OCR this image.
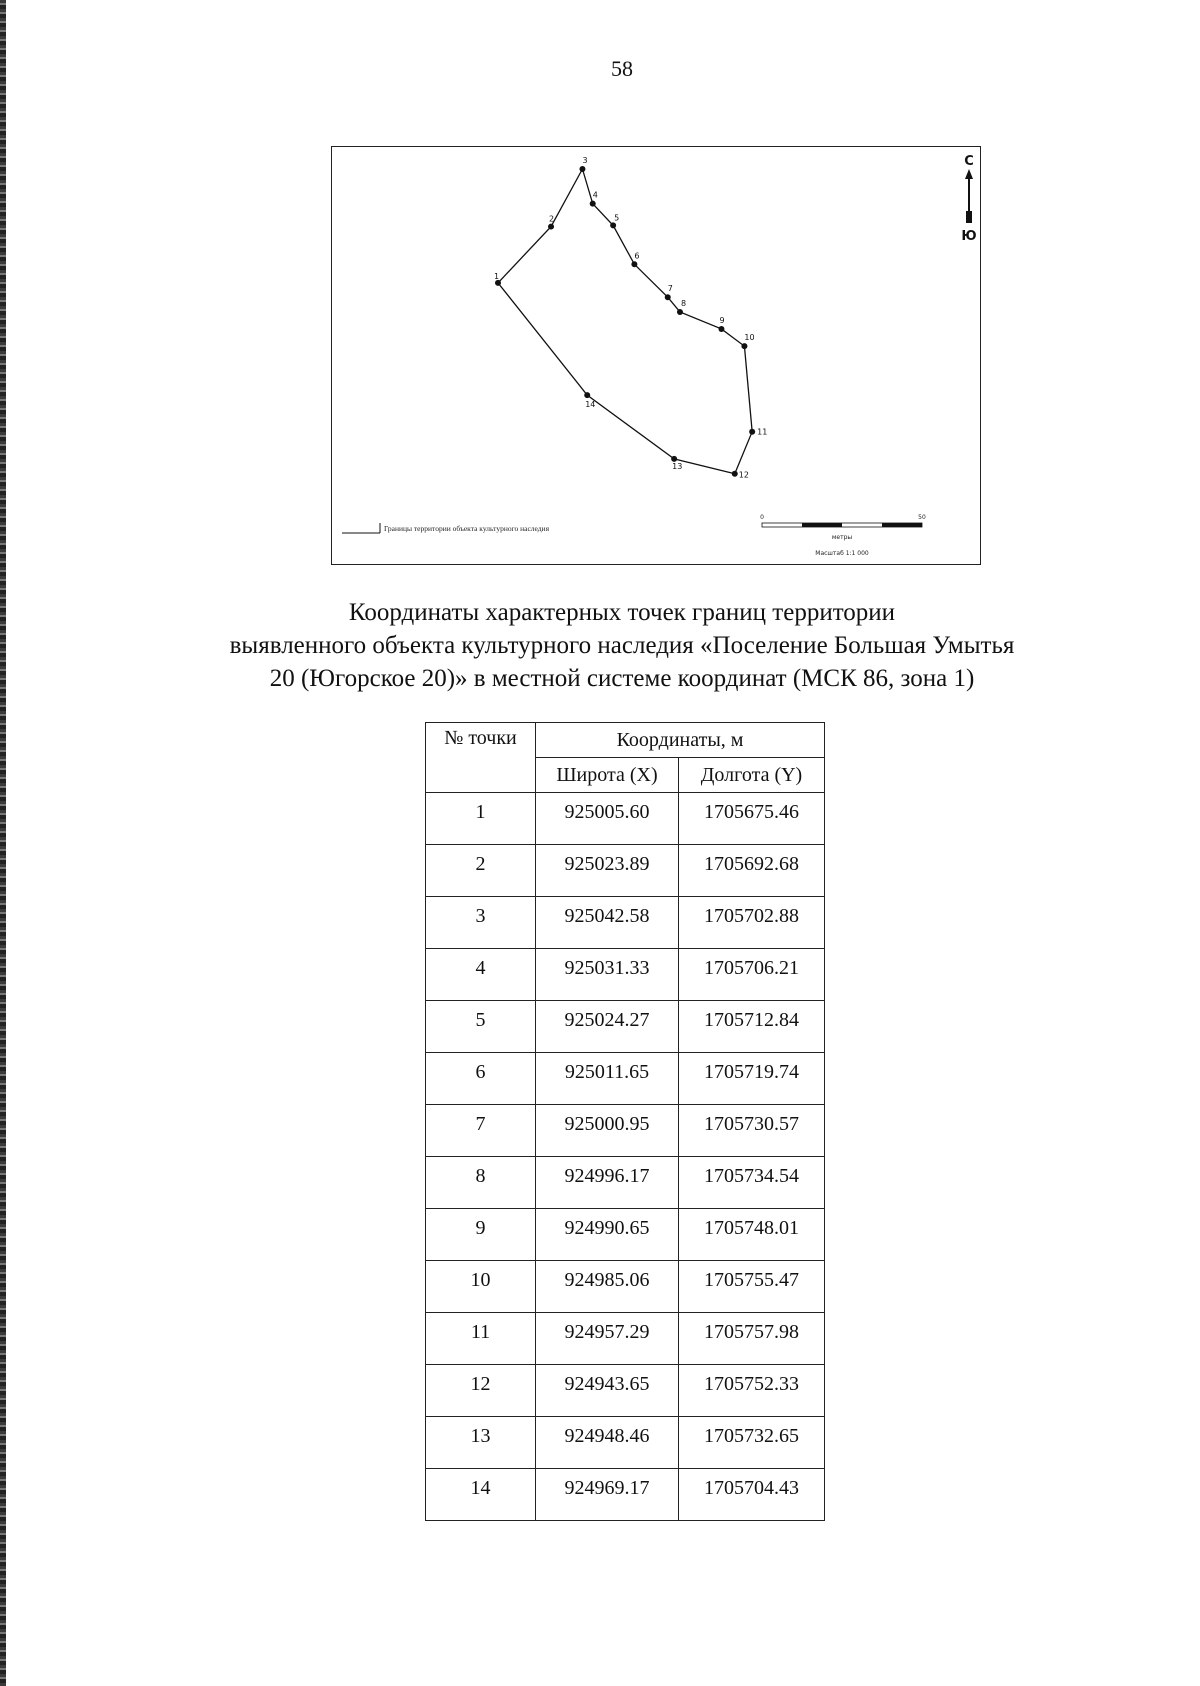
58
1
2
3
4
5
6
7
8
9
10
11
12
13
14
С
Ю
Границы территории объекта культурного наследия
0	50
метры
Масштаб 1:1 000
Координаты характерных точек границ территории
выявленного объекта культурного наследия «Поселение Большая Умытья
20 (Югорское 20)» в местной системе координат (МСК 86, зона 1)
№ точки	Координаты, м	
	Широта (X)	Долгота (Y)
1	925005.60	1705675.46
2	925023.89	1705692.68
3	925042.58	1705702.88
4	925031.33	1705706.21
5	925024.27	1705712.84
6	925011.65	1705719.74
7	925000.95	1705730.57
8	924996.17	1705734.54
9	924990.65	1705748.01
10	924985.06	1705755.47
11	924957.29	1705757.98
12	924943.65	1705752.33
13	924948.46	1705732.65
14	924969.17	1705704.43
